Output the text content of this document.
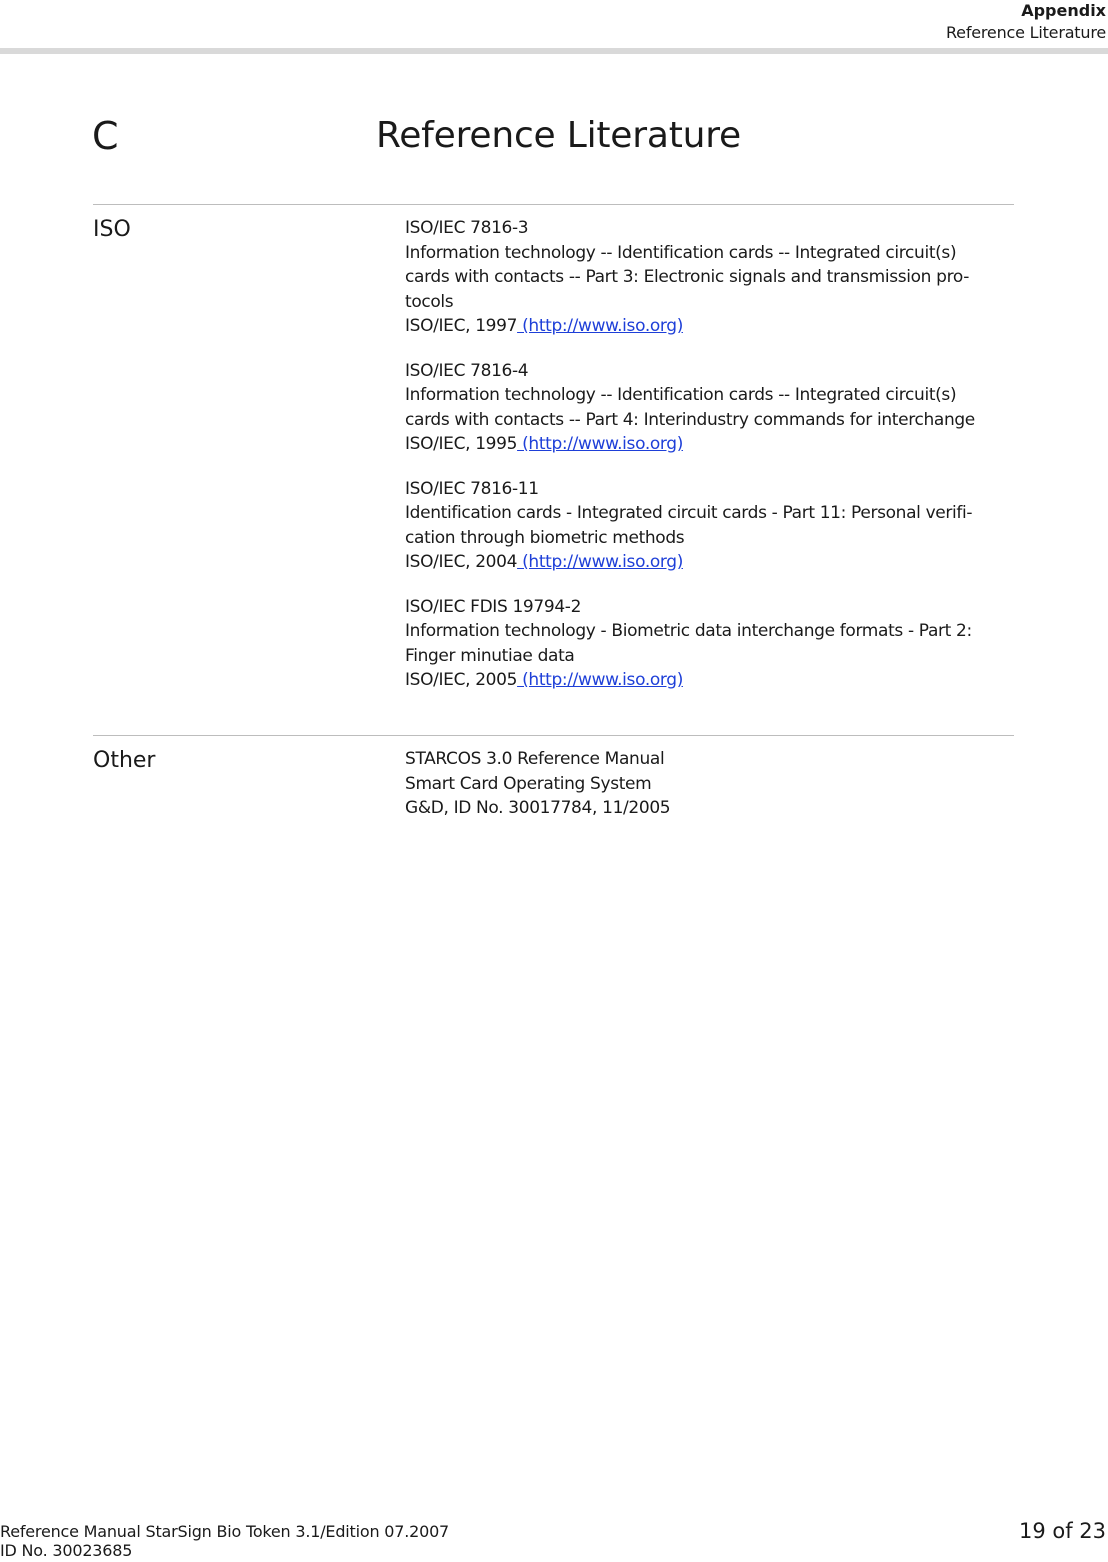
Appendix
Reference Literature
C	Reference Literature
ISO	ISO/IEC 7816-3
Information technology -- Identification cards -- Integrated circuit(s)
cards with contacts -- Part 3: Electronic signals and transmission pro-
tocols
ISO/IEC, 1997 (http://www.iso.org)
ISO/IEC 7816-4
Information technology -- Identification cards -- Integrated circuit(s)
cards with contacts -- Part 4: Interindustry commands for interchange
ISO/IEC, 1995 (http://www.iso.org)
ISO/IEC 7816-11
Identification cards - Integrated circuit cards - Part 11: Personal verifi-
cation through biometric methods
ISO/IEC, 2004 (http://www.iso.org)
ISO/IEC FDIS 19794-2
Information technology - Biometric data interchange formats - Part 2:
Finger minutiae data
ISO/IEC, 2005 (http://www.iso.org)
Other	STARCOS 3.0 Reference Manual
Smart Card Operating System
G&D, ID No. 30017784, 11/2005
Reference Manual StarSign Bio Token 3.1/Edition 07.2007
ID No. 30023685
19 of 23
